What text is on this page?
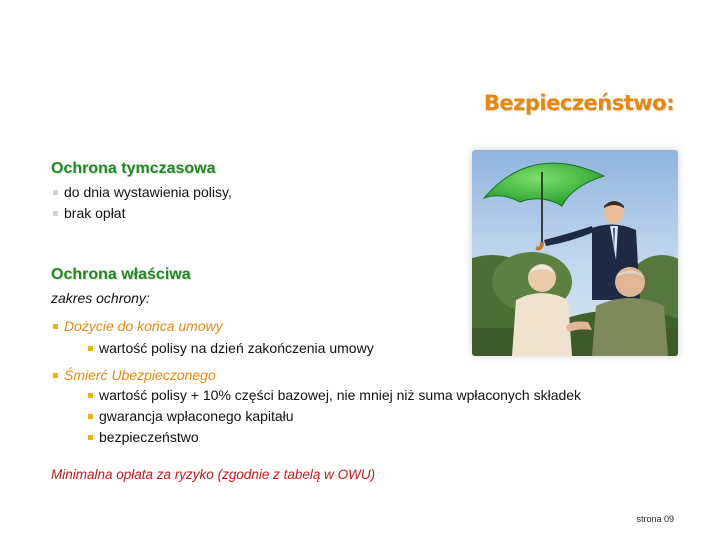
Bezpieczeństwo:
Ochrona tymczasowa
do dnia wystawienia polisy,
brak opłat
Ochrona właściwa
zakres ochrony:
Dożycie do końca umowy
wartość polisy na dzień zakończenia umowy
Śmierć Ubezpieczonego
wartość polisy + 10% części bazowej, nie mniej niż suma wpłaconych składek
gwarancja wpłaconego kapitału
bezpieczeństwo
Minimalna opłata za ryzyko (zgodnie z tabelą w OWU)
strona 09
